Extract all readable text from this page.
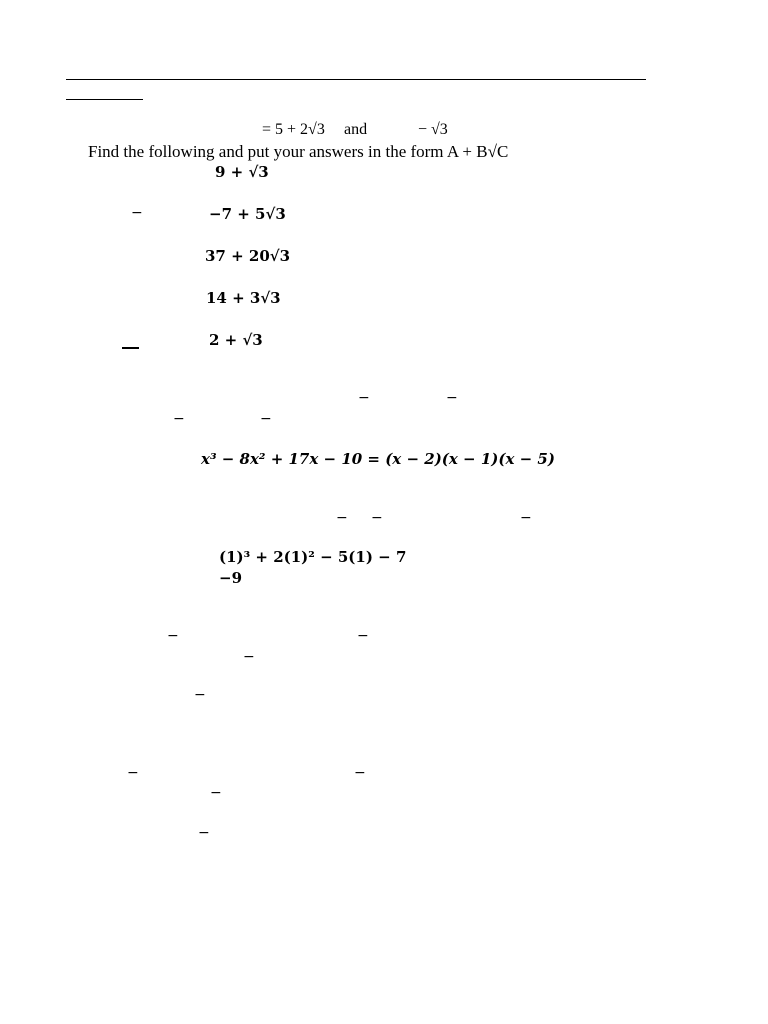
= 5 + 2√3 and	− √3
Find the following and put your answers in the form A + B√C
9 + √3
−	−7 + 5√3
37 + 20√3
14 + 3√3
2 + √3
−	−
−	−
x³ − 8x² + 17x − 10 = (x − 2)(x − 1)(x − 5)
− −	−
(1)³ + 2(1)² − 5(1) − 7
−9
−	−
−
−
−	−
−
−
